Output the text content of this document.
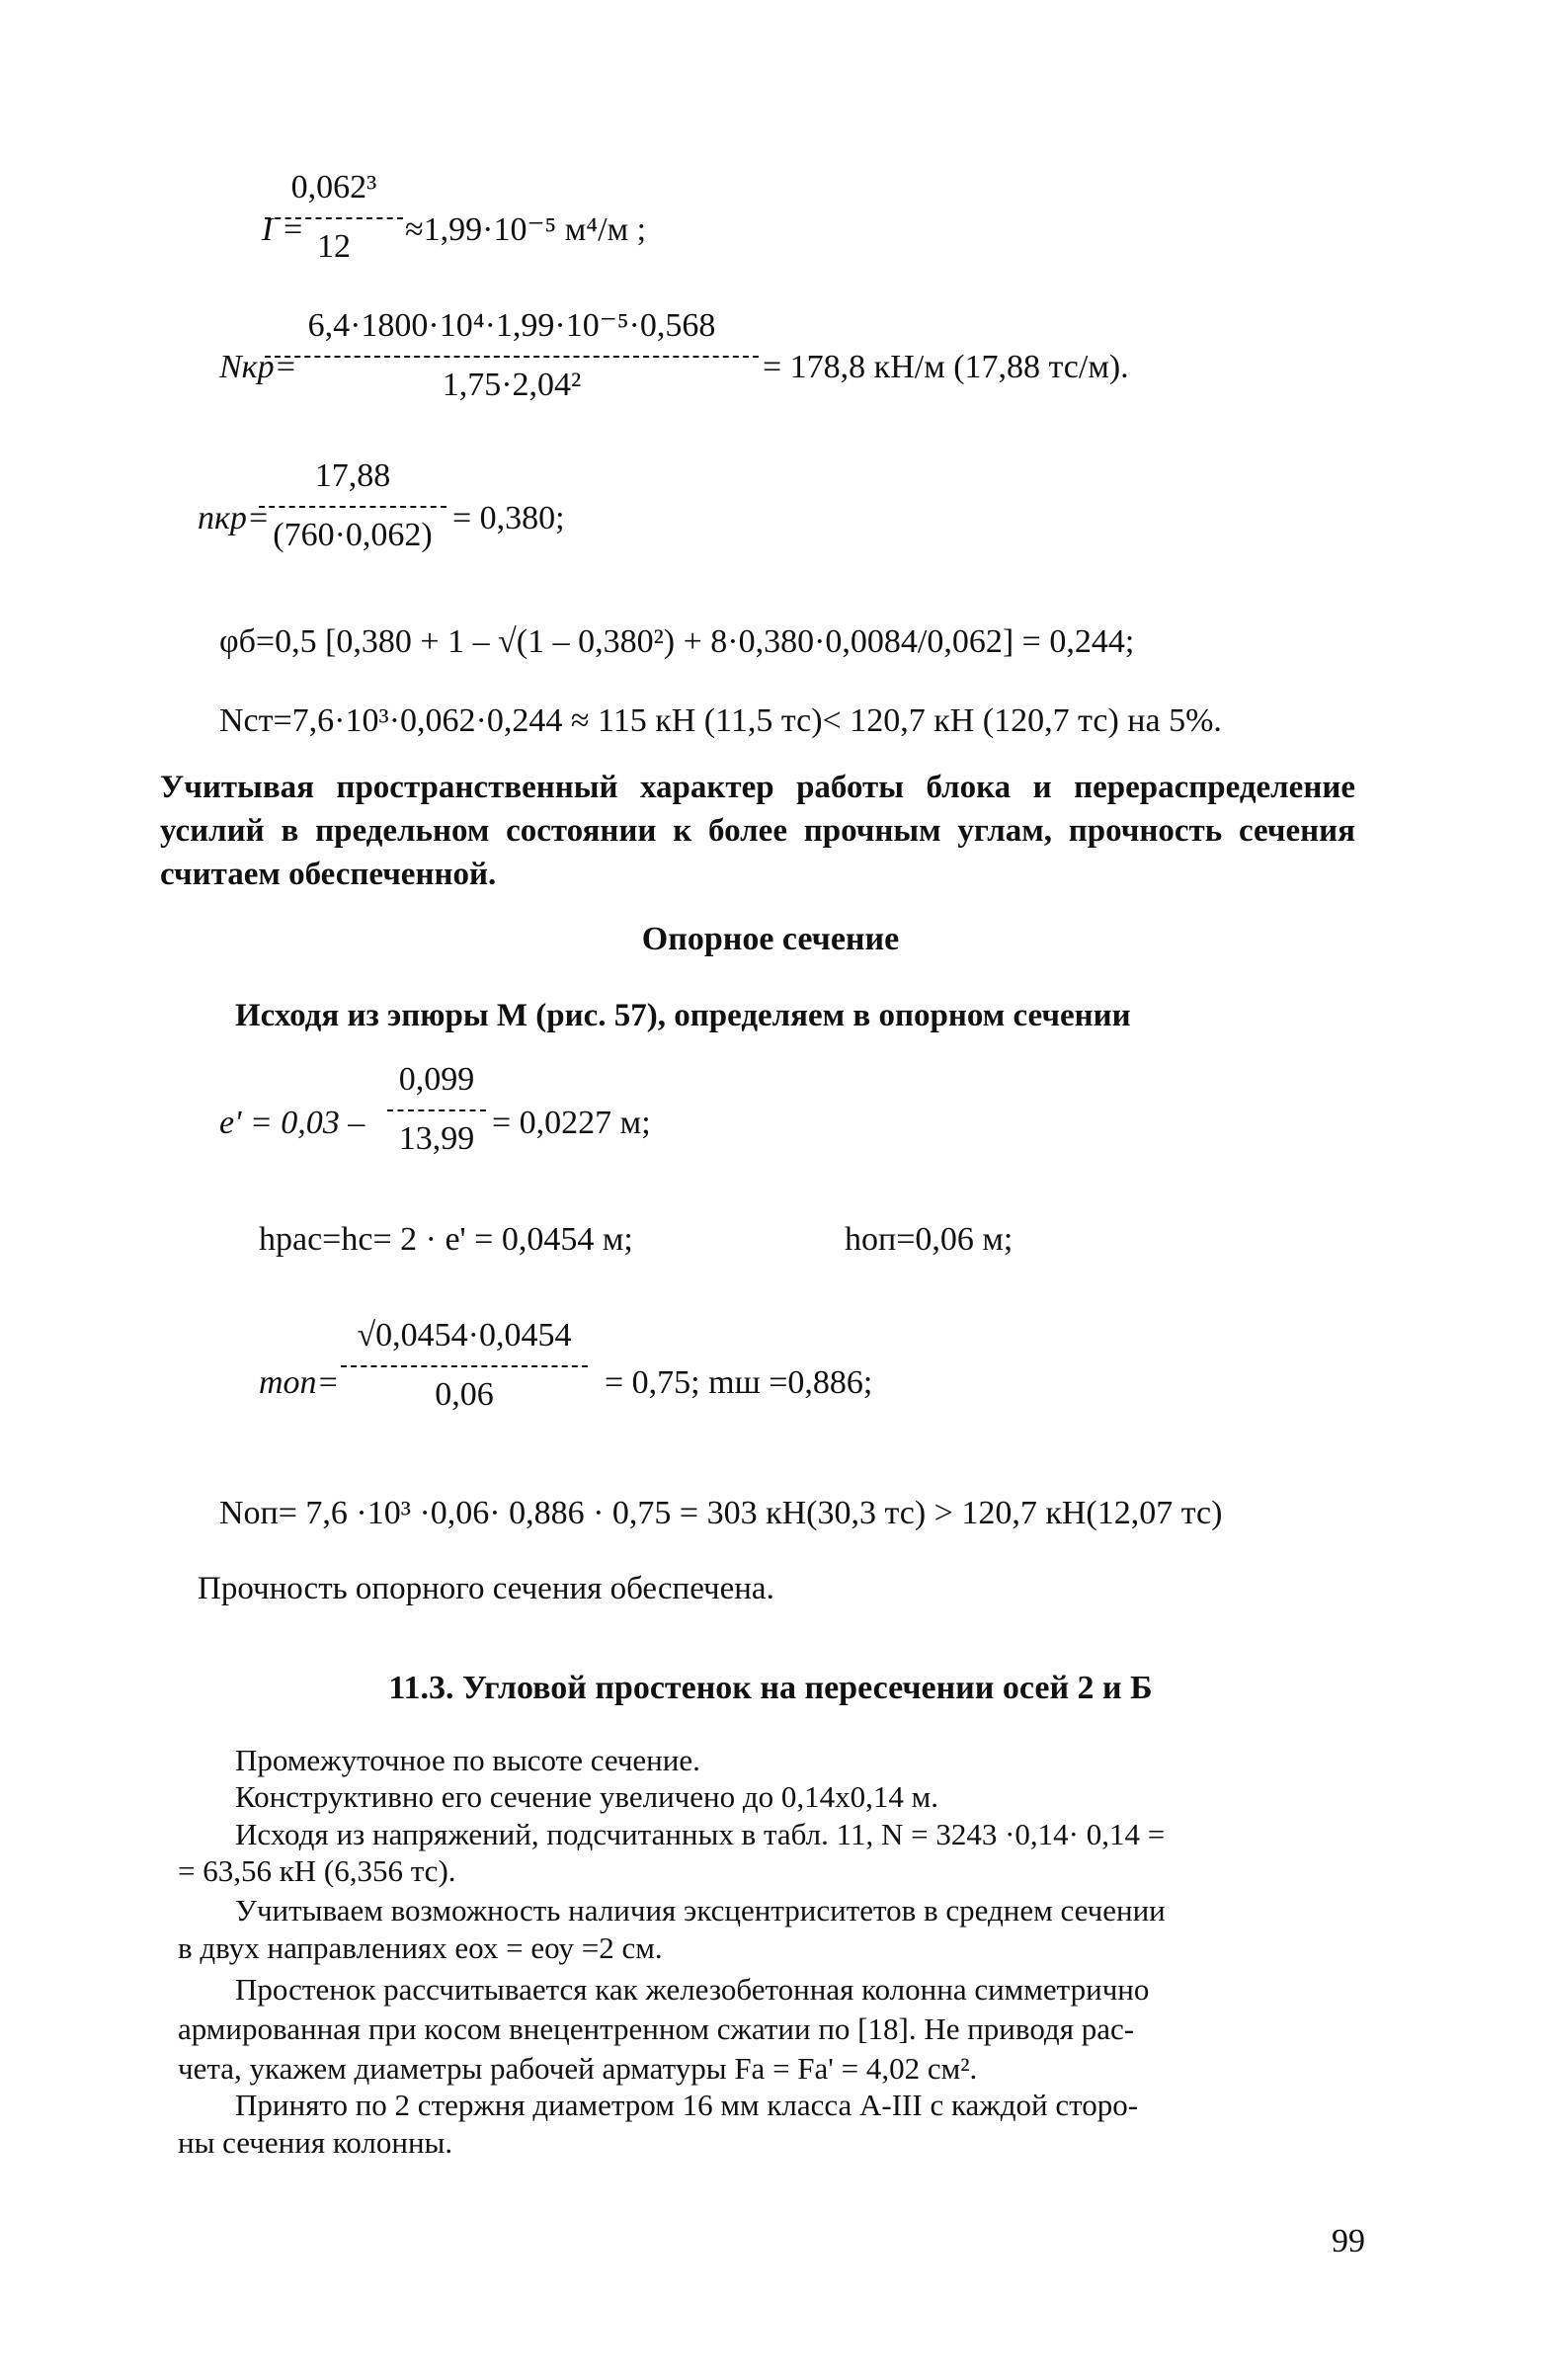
I =
0,062³
12 ≈1,99·10⁻⁵ м⁴/м ;
Nкр=
6,4·1800·10⁴·1,99·10⁻⁵·0,568
1,75·2,04²	= 178,8 кН/м (17,88 тс/м).
nкр=
17,88
(760·0,062) = 0,380;
φб=0,5 [0,380 + 1 – √(1 – 0,380²) + 8·0,380·0,0084/0,062] = 0,244;
Nст=7,6·10³·0,062·0,244 ≈ 115 кН (11,5 тс)< 120,7 кН (120,7 тс) на 5%.
Учитывая пространственный характер работы блока и перераспределение усилий в предельном состоянии к более прочным углам, прочность сечения считаем обеспеченной.
Опорное сечение
Исходя из эпюры М (рис. 57), определяем в опорном сечении
e' = 0,03 –
0,099
13,99 = 0,0227 м;
hрас=hc= 2 · e' = 0,0454 м;	hоп=0,06 м;
mоп=
√0,0454·0,0454
0,06	= 0,75; mш =0,886;
Nоп= 7,6 ·10³ ·0,06· 0,886 · 0,75 = 303 кН(30,3 тс) > 120,7 кН(12,07 тс)
Прочность опорного сечения обеспечена.
11.3. Угловой простенок на пересечении осей 2 и Б
Промежуточное по высоте сечение.
Конструктивно его сечение увеличено до 0,14х0,14 м.
Исходя из напряжений, подсчитанных в табл. 11, N = 3243 ·0,14· 0,14 =
= 63,56 кН (6,356 тс).
Учитываем возможность наличия эксцентриситетов в среднем сечении
в двух направлениях eох = eоу =2 см.
Простенок рассчитывается как железобетонная колонна симметрично
армированная при косом внецентренном сжатии по [18]. Не приводя рас-
чета, укажем диаметры рабочей арматуры Fa = Fa' = 4,02 см².
Принято по 2 стержня диаметром 16 мм класса A-III с каждой сторо-
ны сечения колонны.
99
